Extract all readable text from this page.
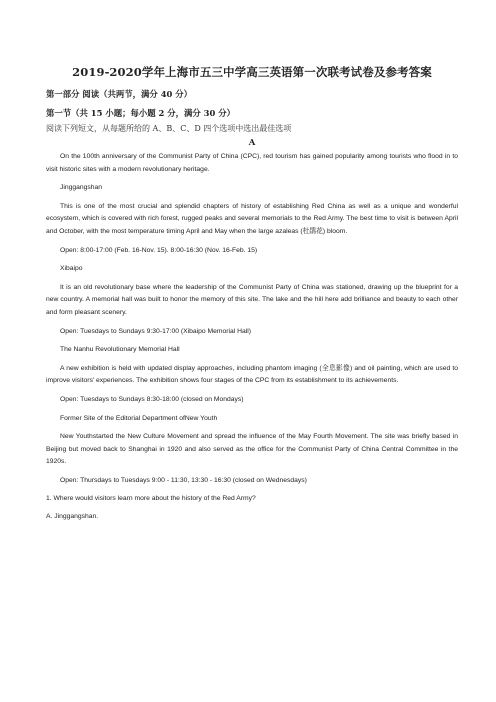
2019-2020学年上海市五三中学高三英语第一次联考试卷及参考答案
第一部分 阅读（共两节，满分 40 分）
第一节（共 15 小题；每小题 2 分，满分 30 分）
阅读下列短文，从每题所给的 A、B、C、D 四个选项中选出最佳选项
A

On the 100th anniversary of the Communist Party of China (CPC), red tourism has gained popularity among tourists who flood in to visit historic sites with a modern revolutionary heritage.

Jinggangshan

This is one of the most crucial and splendid chapters of history of establishing Red China as well as a unique and wonderful ecosystem, which is covered with rich forest, rugged peaks and several memorials to the Red Army. The best time to visit is between April and October, with the most temperature timing April and May when the large azaleas (杜鹃花) bloom.

Open: 8:00-17:00 (Feb. 16-Nov. 15). 8:00-16:30 (Nov. 16-Feb. 15)

Xibaipo

It is an old revolutionary base where the leadership of the Communist Party of China was stationed, drawing up the blueprint for a new country. A memorial hall was built to honor the memory of this site. The lake and the hill here add brilliance and beauty to each other and form pleasant scenery.

Open: Tuesdays to Sundays 9:30-17:00 (Xibaipo Memorial Hall)

The Nanhu Revolutionary Memorial Hall

A new exhibition is held with updated display approaches, including phantom imaging (全息影像) and oil painting, which are used to improve visitors' experiences. The exhibition shows four stages of the CPC from its establishment to its achievements.

Open: Tuesdays to Sundays 8:30-18:00 (closed on Mondays)

Former Site of the Editorial Department ofNew Youth

New Youthstarted the New Culture Movement and spread the influence of the May Fourth Movement. The site was briefly based in Beijing but moved back to Shanghai in 1920 and also served as the office for the Communist Party of China Central Committee in the 1920s.

Open: Thursdays to Tuesdays 9:00 - 11:30, 13:30 - 16:30 (closed on Wednesdays)

1. Where would visitors learn more about the history of the Red Army?

A. Jinggangshan.
